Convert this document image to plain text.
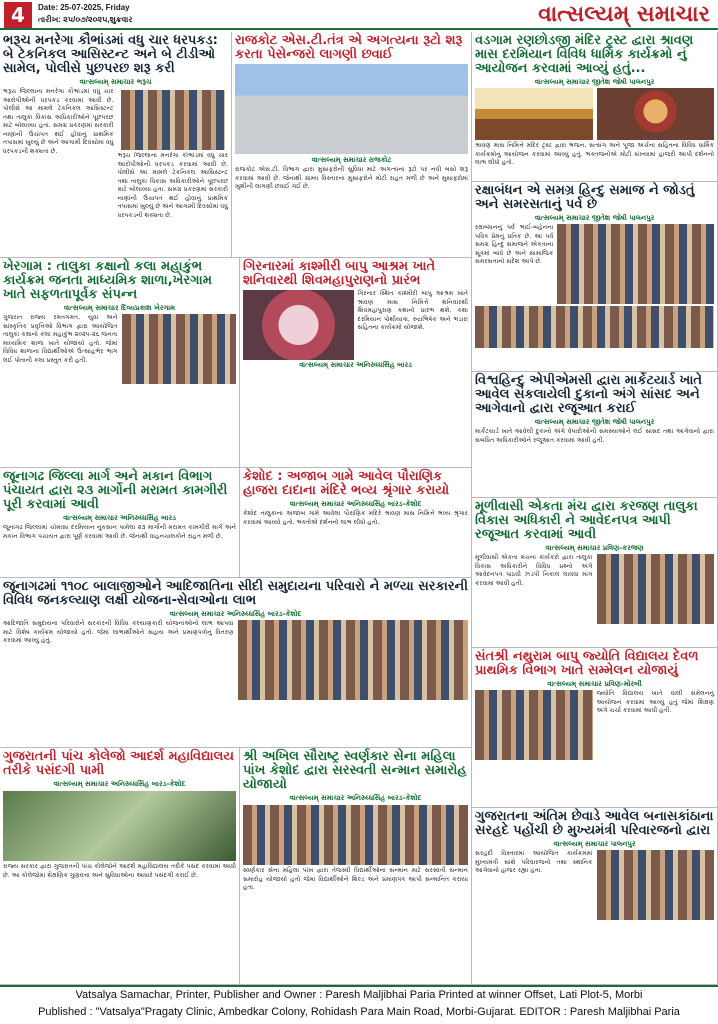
4	Date: 25-07-2025, Friday
તારીખ: ૨૫/૦૭/૨૦૨૫,શુક્રવાર	વાત્સલ્યમ્ સમાચાર
ભરૂચ મનરેગા કૌભાંડમાં વધુ ચાર ધરપકડ: બે ટેકનિકલ આસિસ્ટન્ટ અને બે ટીડીઓ સામેલ, પોલીસે પુછપરછ શરૂ કરી
વાત્સલ્યમ્ સમાચાર ભરૂચ
ભરૂચ જિલ્લાના મનરેગા કૌભાંડમાં વધુ ચાર આરોપીઓની ધરપકડ કરવામાં આવી છે. પોલીસે આ મામલે ટેકનિકલ આસિસ્ટન્ટ તથા તાલુકા વિકાસ અધિકારીઓને પૂછપરછ માટે બોલાવ્યા હતા. સમગ્ર પ્રકરણમાં સરકારી નાણાંની ઉચાપત થઈ હોવાનું પ્રાથમિક તપાસમાં ખુલ્યું છે અને આગામી દિવસોમાં વધુ ધરપકડની શક્યતા છે.
ભરૂચ જિલ્લાના મનરેગા કૌભાંડમાં વધુ ચાર આરોપીઓની ધરપકડ કરવામાં આવી છે. પોલીસે આ મામલે ટેકનિકલ આસિસ્ટન્ટ તથા તાલુકા વિકાસ અધિકારીઓને પૂછપરછ માટે બોલાવ્યા હતા. સમગ્ર પ્રકરણમાં સરકારી નાણાંની ઉચાપત થઈ હોવાનું પ્રાથમિક તપાસમાં ખુલ્યું છે અને આગામી દિવસોમાં વધુ ધરપકડની શક્યતા છે.
રાજકોટ એસ.ટી.તંત્ર એ અગત્યના રૂટો શરૂ કરતા પેસેન્જરો લાગણી છવાઈ
વાત્સલ્યમ્ સમાચાર રાજકોટ
રાજકોટ એસ.ટી. વિભાગ દ્વારા મુસાફરોની સુવિધા માટે અગત્યના રૂટો પર નવી બસો શરૂ કરવામાં આવી છે. જેનાથી ગ્રામ્ય વિસ્તારના મુસાફરોને મોટી રાહત મળી છે અને મુસાફરોમાં ખુશીની લાગણી છવાઈ ગઈ છે.
વડગામ રણછોડજી મંદિર ટ્રસ્ટ દ્વારા શ્રાવણ માસ દરમિયાન વિવિધ ધાર્મિક કાર્યક્રમો નું આયોજન કરવામાં આવ્યું હતું...
વાત્સલ્યમ્ સમાચાર જીતેશ જોષી પાલનપુર
શ્રાવણ માસ નિમિત્તે મંદિર ટ્રસ્ટ દ્વારા ભજન, સત્સંગ અને પૂજા અર્ચના સહિતના વિવિધ ધાર્મિક કાર્યક્રમોનું આયોજન કરવામાં આવ્યું હતું. ભક્તજનોએ મોટી સંખ્યામાં હાજરી આપી દર્શનનો લાભ લીધો હતો.
રક્ષાબંધન એ સમગ્ર હિન્દુ સમાજ ને જોડતું અને સમરસતાનું પર્વ છે
વાત્સલ્યમ્ સમાચાર જીતેશ જોષી પાલનપુર
રક્ષાબંધનનું પર્વ ભાઈ-બહેનના પવિત્ર પ્રેમનું પ્રતિક છે. આ પર્વ સમગ્ર હિન્દુ સમાજને એકતાના સૂત્રમાં બાંધે છે અને સામાજિક સમરસતાનો સંદેશ આપે છે.
ખેરગામ : તાલુકા કક્ષાનો કલા મહાકુંભ કાર્યક્રમ જનતા માધ્યમિક શાળા,ખેરગામ ખાતે સફળતાપૂર્વક સંપન્ન
વાત્સલ્યમ્ સમાચાર દિવ્યપ્રકાશ ખેરગામ
ગુજરાત રાજ્ય રમતગમત, યુવા અને સાંસ્કૃતિક પ્રવૃત્તિઓ વિભાગ દ્વારા આયોજિત તાલુકા કક્ષાનો કલા મહાકુંભ ૨૦૨૫-૨૬ જનતા માધ્યમિક શાળા ખાતે યોજાયો હતો. જેમાં વિવિધ શાળાના વિદ્યાર્થીઓએ ઉત્સાહભેર ભાગ લઈ પોતાની કલા પ્રસ્તુત કરી હતી.
ગિરનારમાં કાશ્મીરી બાપુ આશ્રમ ખાતે શનિવારથી શિવમહાપુરાણનો પ્રારંભ
ગિરનાર સ્થિત કાશ્મીરી બાપુ આશ્રમ ખાતે શ્રાવણ માસ નિમિત્તે શનિવારથી શિવમહાપુરાણ કથાનો પ્રારંભ થશે. કથા દરમિયાન પોથીયાત્રા, રુદ્રાભિષેક અને ભંડારા સહિતના કાર્યક્રમો યોજાશે.
વાત્સલ્યમ્ સમાચાર અનિરુધ્ધસિંહ બારડ
વિશ્વહિન્દુ એપીએમસી દ્વારા માર્કેટયાર્ડ ખાતે આવેલ સંકલાયેલી દુકાનો અંગે સાંસદ અને આગેવાનો દ્વારા રજૂઆત કરાઈ
વાત્સલ્યમ્ સમાચાર જીતેશ જોષી પાલનપુર
માર્કેટયાર્ડ ખાતે આવેલી દુકાનો અંગે વેપારીઓની સમસ્યાઓને લઈ સાંસદ તથા આગેવાનો દ્વારા સંબંધિત અધિકારીઓને રજૂઆત કરવામાં આવી હતી.
જૂનાગઢ જિલ્લા માર્ગ અને મકાન વિભાગ પંચાયત દ્વારા ૨૩ માર્ગોની મરામત કામગીરી પૂરી કરવામાં આવી
વાત્સલ્યમ્ સમાચાર અનિરુધ્ધસિંહ બારડ
જૂનાગઢ જિલ્લામાં ચોમાસા દરમિયાન નુકસાન પામેલા ૨૩ માર્ગોની મરામત કામગીરી માર્ગ અને મકાન વિભાગ પંચાયત દ્વારા પૂર્ણ કરવામાં આવી છે. જેનાથી વાહનચાલકોને રાહત મળી છે.
કેશોદ : અજાબ ગામે આવેલ પૌરાણિક હાજરા દાદાના મંદિરે ભવ્ય શ્રૃંગાર કરાયો
વાત્સલ્યમ્ સમાચાર અનિરુધ્ધસિંહ બારડ-કેશોદ
કેશોદ તાલુકાના અજાબ ગામે આવેલા પૌરાણિક મંદિરે શ્રાવણ માસ નિમિત્તે ભવ્ય શ્રૃંગાર કરવામાં આવ્યો હતો. ભક્તોએ દર્શનનો લાભ લીધો હતો.
મૂળીવાસી એકતા મંચ દ્વારા કરજણ તાલુકા વિકાસ અધિકારી ને આવેદનપત્ર આપી રજૂઆત કરવામાં આવી
વાત્સલ્યમ્ સમાચાર પ્રવિણ-કરજણ
મૂળીવાસી એકતા મંચના કાર્યકરો દ્વારા તાલુકા વિકાસ અધિકારીને વિવિધ પ્રશ્નો અંગે આવેદનપત્ર પાઠવી ઝડપી નિકાલ લાવવા માંગ કરવામાં આવી હતી.
જૂનાગઢમાં ૧૧૦૮ બાલાજીઓને આદિજાતિના સીદી સમુદાયના પરિવારો ને મળ્યા સરકારની વિવિધ જનકલ્યાણ લક્ષી યોજના-સેવાઓના લાભ
વાત્સલ્યમ્ સમાચાર અનિરુધ્ધસિંહ બારડ-કેશોદ
આદિજાતિ સમુદાયના પરિવારોને સરકારની વિવિધ કલ્યાણકારી યોજનાઓનો લાભ આપવા માટે વિશેષ કાર્યક્રમ યોજાયો હતો. જેમાં લાભાર્થીઓને સહાય અને પ્રમાણપત્રોનું વિતરણ કરવામાં આવ્યું હતું.
સંતશ્રી નથુરામ બાપુ જ્યોતિ વિદ્યાલય દેવળ પ્રાથમિક વિભાગ ખાતે સમ્મેલન યોજાયું
વાત્સલ્યમ્ સમાચાર પ્રવિણ-મોરબી
જ્યોતિ વિદ્યાલય ખાતે વાલી સંમેલનનું આયોજન કરવામાં આવ્યું હતું જેમાં શિક્ષણ અંગે ચર્ચા કરવામાં આવી હતી.
ગુજરાતની પાંચ કોલેજો આદર્શ મહાવિદ્યાલય તરીકે પસંદગી પામી
વાત્સલ્યમ્ સમાચાર અનિરુધ્ધસિંહ બારડ-કેશોદ
રાજ્ય સરકાર દ્વારા ગુજરાતની પાંચ કોલેજોને આદર્શ મહાવિદ્યાલય તરીકે પસંદ કરવામાં આવી છે. આ કોલેજોમાં શૈક્ષણિક ગુણવત્તા અને સુવિધાઓના આધારે પસંદગી કરાઈ છે.
શ્રી અખિલ સૌરાષ્ટ્ર સ્વર્ણકાર સેના મહિલા પાંખ કેશોદ દ્વારા સરસ્વતી સન્માન સમારોહ યોજાયો
વાત્સલ્યમ્ સમાચાર અનિરુધ્ધસિંહ બારડ-કેશોદ
સ્વર્ણકાર સેના મહિલા પાંખ દ્વારા તેજસ્વી વિદ્યાર્થીઓના સન્માન માટે સરસ્વતી સન્માન સમારોહ યોજાયો હતો જેમાં વિદ્યાર્થીઓને શિલ્ડ અને પ્રમાણપત્ર આપી સન્માનિત કરાયા હતા.
ગુજરાતના અંતિમ છેવાડે આવેલ બનાસકાંઠાના સરહદે પહોંચી છે મુખ્યમંત્રી પરિવારજનો દ્વારા
વાત્સલ્યમ્ સમાચાર પાલનપુર
સરહદી વિસ્તારમાં આયોજિત કાર્યક્રમમાં મુખ્યમંત્રી સાથે પરિવારજનો તથા સ્થાનિક આગેવાનો હાજર રહ્યા હતા.
Vatsalya Samachar, Printer, Publisher and Owner : Paresh Maljibhai Paria Printed at winner Offset, Lati Plot-5, Morbi
Published : "Vatsalya"Pragaty Clinic, Ambedkar Colony, Rohidash Para Main Road, Morbi-Gujarat. EDITOR : Paresh Maljibhai Paria
